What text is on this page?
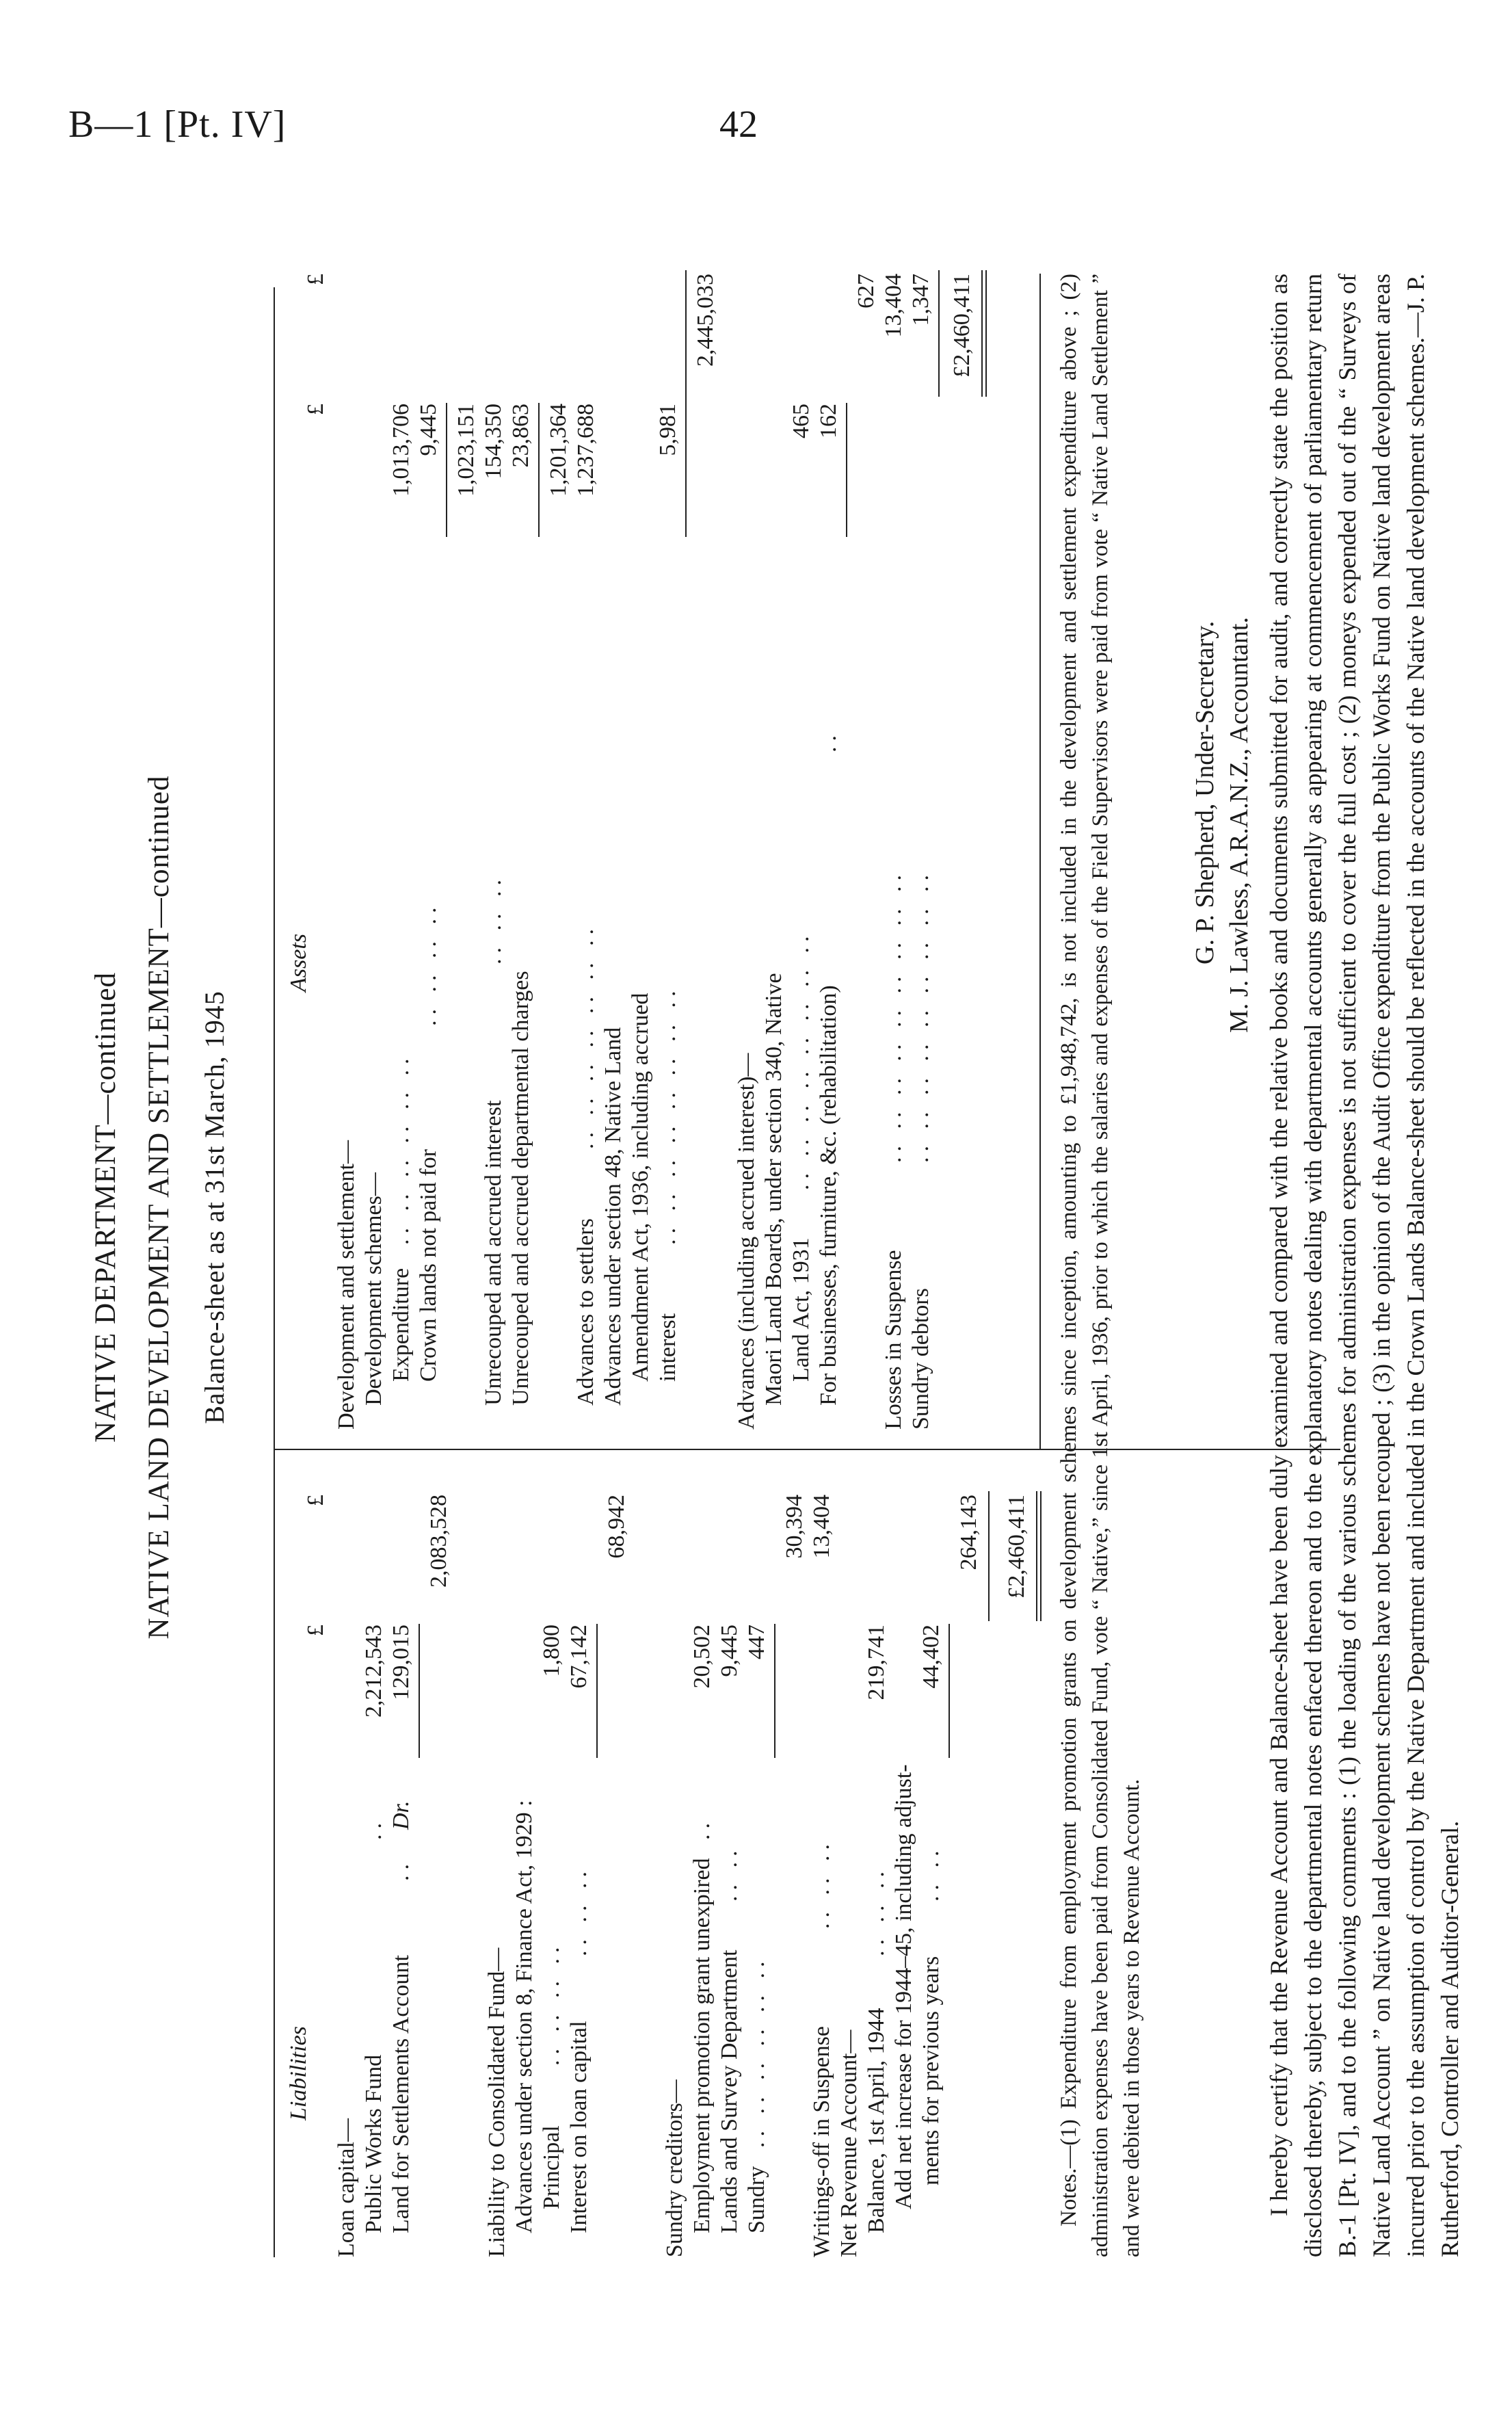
B—1 [Pt. IV]	42
NATIVE DEPARTMENT—continued NATIVE LAND DEVELOPMENT AND SETTLEMENT—continued Balance-sheet as at 31st March, 1945
Liabilities
£
£
Loan capital— Public Works Fund
..
2,212,543
Land for Settlements Account
..
Dr.
129,015
2,083,528
Liability to Consolidated Fund— Advances under section 8, Finance Act, 1929 : Principal
.. .. .. ..
1,800
Interest on loan capital
.. .. ..
67,142
68,942
Sundry creditors— Employment promotion grant unexpired
..
20,502
Lands and Survey Department
.. ..
9,445
Sundry
.. .. .. .. .. ..
447
30,394
Writings-off in Suspense
.. .. ..
13,404
Net Revenue Account— Balance, 1st April, 1944
.. .. ..
219,741
Add net increase for 1944–45, including adjust- ments for previous years
.. ..
44,402
264,143 £2,460,411
Assets
£
£
Development and settlement— Development schemes— Expenditure
.. .. .. .. .. ..
1,013,706
Crown lands not paid for
.. .. .. ..
9,445 1,023,151
Unrecouped and accrued interest
.. .. ..
154,350
Unrecouped and accrued departmental charges
23,863 1,201,364
Advances to settlers
.. .. .. .. .. .. ..
1,237,688
Advances under section 48, Native Land Amendment Act, 1936, including accrued interest
.. .. .. .. .. .. .. ..
5,981
2,445,033
Advances (including accrued interest)— Maori Land Boards, under section 340, Native Land Act, 1931
.. .. .. .. .. .. .. ..
465
For businesses, furniture, &c. (rehabilitation)
..
162
627
Losses in Suspense
.. .. .. .. .. .. .. .. ..
13,404
Sundry debtors
.. .. .. .. .. .. .. .. ..
1,347 £2,460,411	Notes.—(1) Expenditure from employment promotion grants on development schemes since inception, amounting to £1,948,742, is not included in the development and settlement expenditure above ; (2) administration expenses have been paid from Consolidated Fund, vote “ Native,” since 1st April, 1936, prior to which the salaries and expenses of the Field Supervisors were paid from vote “ Native Land Settlement ” and were debited in those years to Revenue Account.
G. P. Shepherd, Under-Secretary. M. J. Lawless, A.R.A.N.Z., Accountant. I hereby certify that the Revenue Account and Balance-sheet have been duly examined and compared with the relative books and documents submitted for audit, and correctly state the position as disclosed thereby, subject to the departmental notes enfaced thereon and to the explanatory notes dealing with departmental accounts generally as appearing at commencement of parliamentary return B.-1 [Pt. IV], and to the following comments : (1) the loading of the various schemes for administration expenses is not sufficient to cover the full cost ; (2) moneys expended out of the “ Surveys of Native Land Account ” on Native land development schemes have not been recouped ; (3) in the opinion of the Audit Office expenditure from the Public Works Fund on Native land development areas incurred prior to the assumption of control by the Native Department and included in the Crown Lands Balance-sheet should be reflected in the accounts of the Native land development schemes.—J. P. Rutherford, Controller and Auditor-General.
